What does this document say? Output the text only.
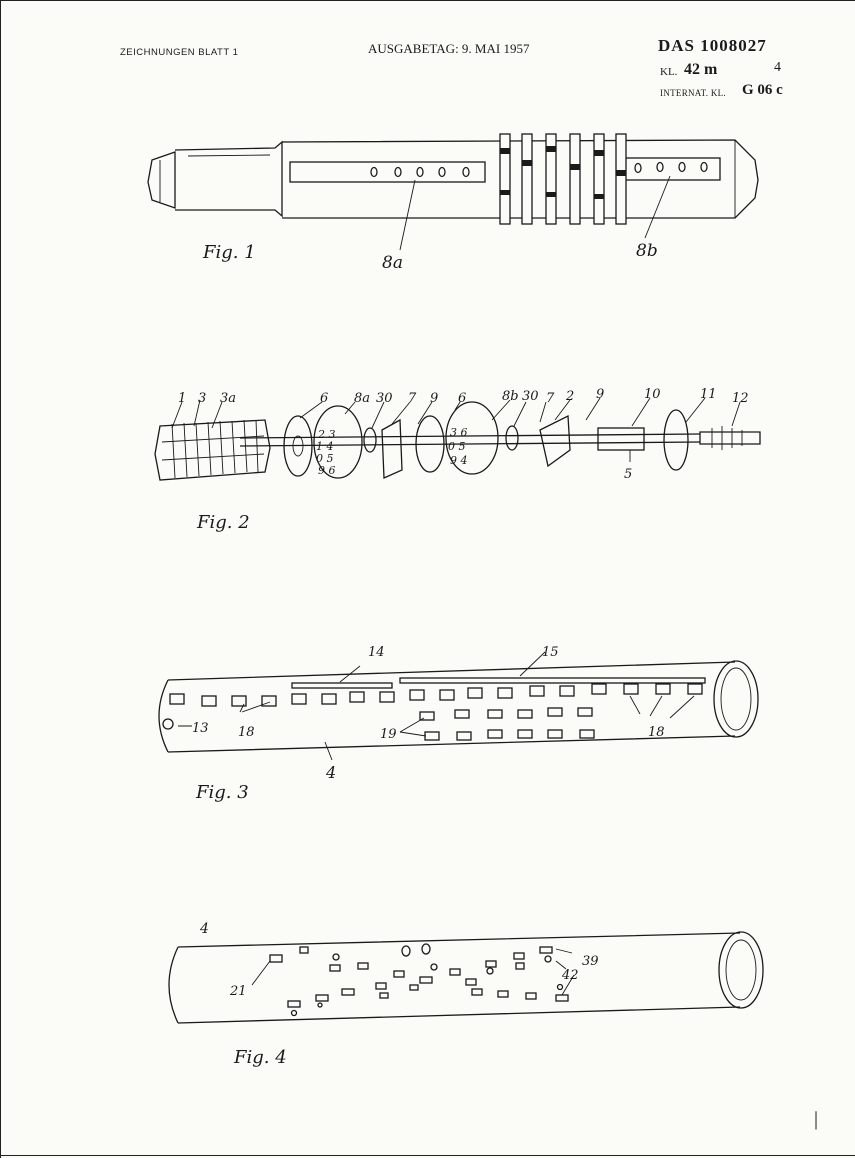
ZEICHNUNGEN BLATT 1	AUSGABETAG: 9. MAI 1957	DAS 1008027
KL. 42 m	4
INTERNAT. KL. G 06 c
8a
8b
Fig. 1
2 3
1 4
0 5
9 6
3 6
0 5
9 4
1 3 3a	6 8a 30 7 9 6	8b 30 7 2 9	10	11 12
5
Fig. 2
14	15
13 18	19	18
4
Fig. 3
4
21
39
42
Fig. 4
|
